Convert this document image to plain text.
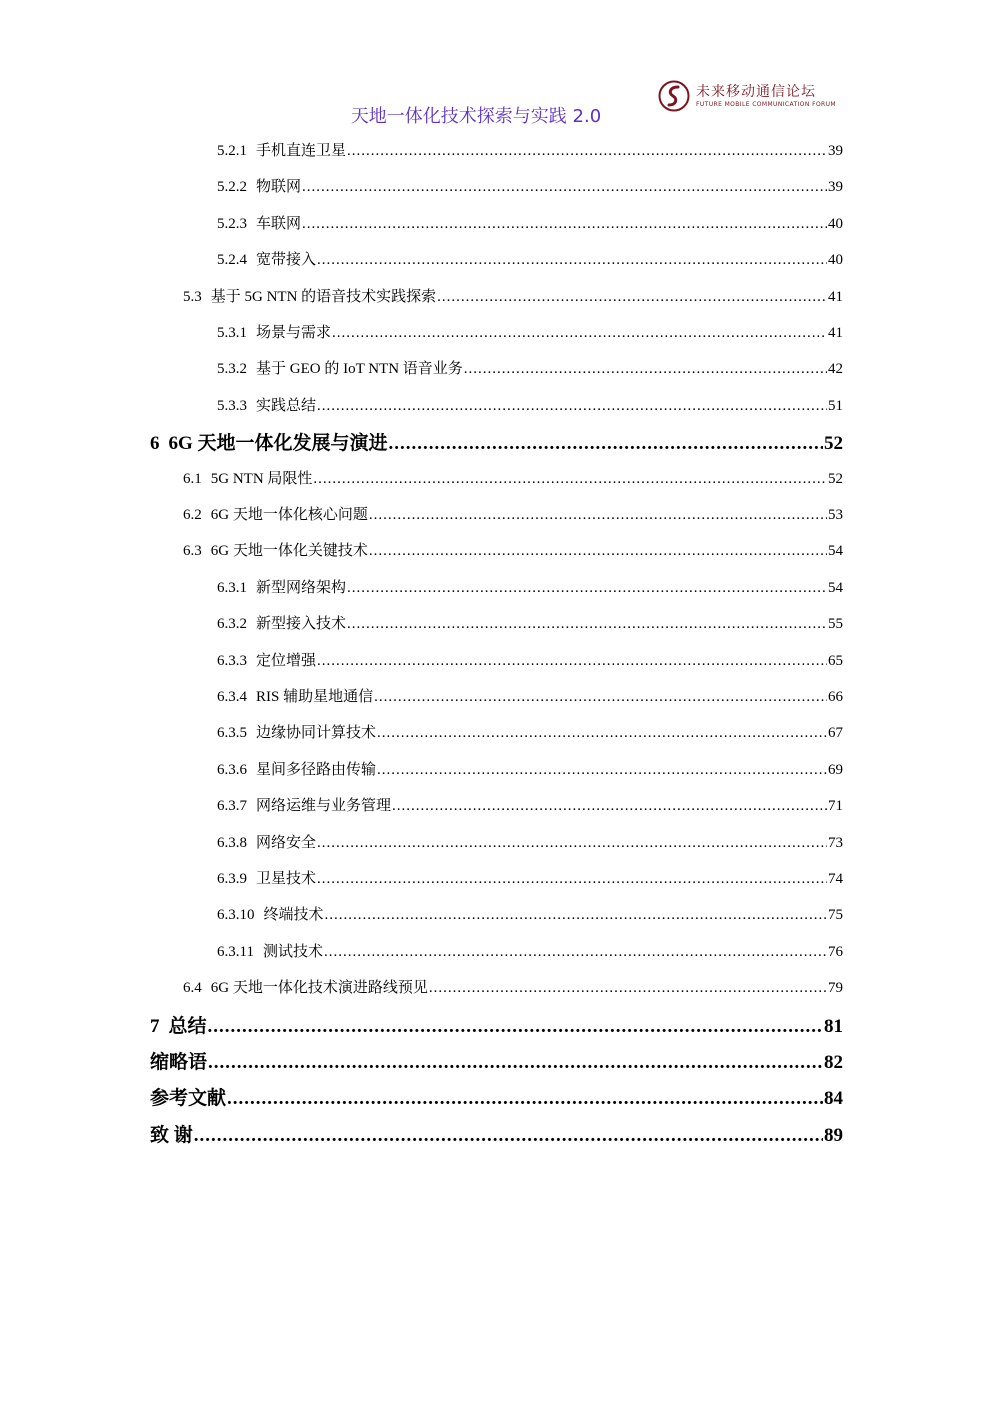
天地一体化技术探索与实践 2.0
未来移动通信论坛
FUTURE MOBILE COMMUNICATION FORUM
5.2.1 手机直连卫星 .....	39
5.2.2 物联网 .....	39
5.2.3 车联网 .....	40
5.2.4 宽带接入 .....	40
5.3 基于 5G NTN 的语音技术实践探索 .....	41
5.3.1 场景与需求 .....	41
5.3.2 基于 GEO 的 IoT NTN 语音业务 .....	42
5.3.3 实践总结 .....	51
6 6G 天地一体化发展与演进 .....	52
6.1 5G NTN 局限性 .....	52
6.2 6G 天地一体化核心问题 .....	53
6.3 6G 天地一体化关键技术 .....	54
6.3.1 新型网络架构 .....	54
6.3.2 新型接入技术 .....	55
6.3.3 定位增强 .....	65
6.3.4 RIS 辅助星地通信 .....	66
6.3.5 边缘协同计算技术 .....	67
6.3.6 星间多径路由传输 .....	69
6.3.7 网络运维与业务管理 .....	71
6.3.8 网络安全 .....	73
6.3.9 卫星技术 .....	74
6.3.10 终端技术 .....	75
6.3.11 测试技术 .....	76
6.4 6G 天地一体化技术演进路线预见 .....	79
7 总结 .....	81
缩略语 .....	82
参考文献 .....	84
致 谢 .....	89
